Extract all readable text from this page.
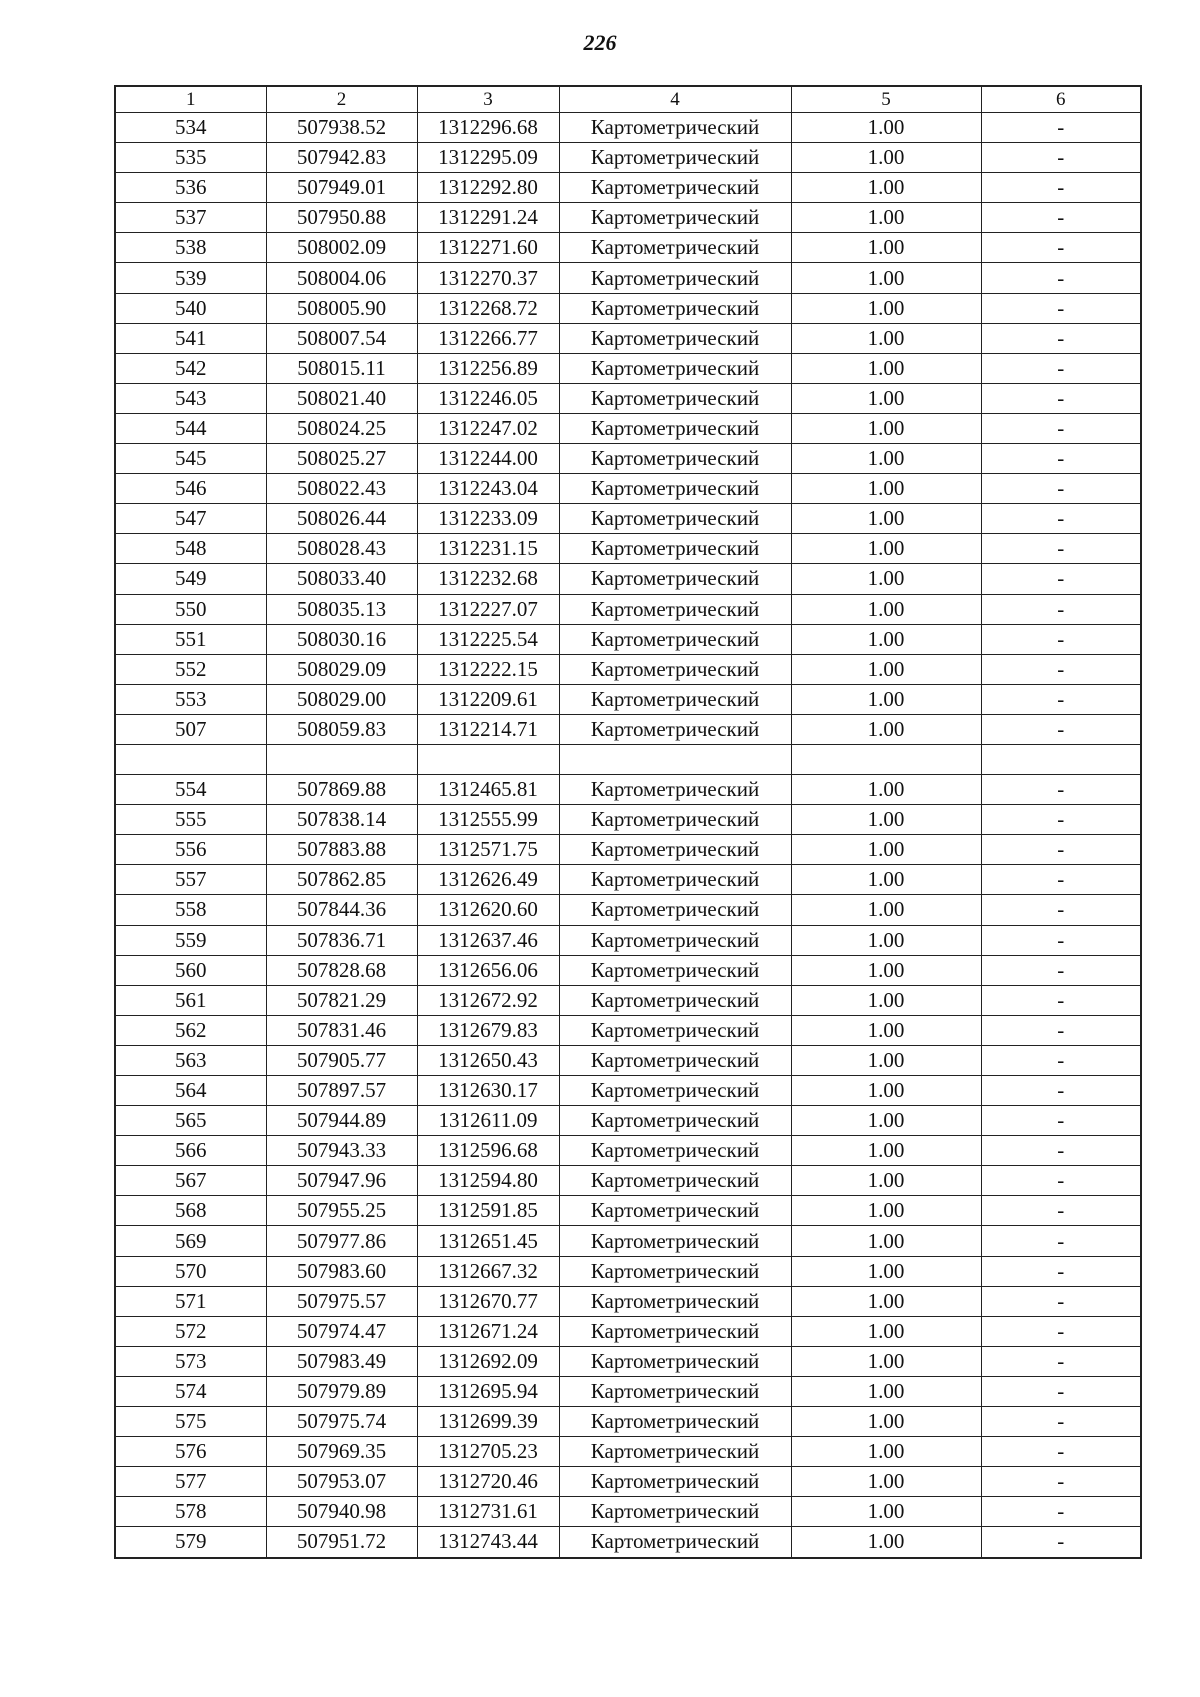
226
1	2	3	4	5	6
534	507938.52	1312296.68	Картометрический	1.00	-
535	507942.83	1312295.09	Картометрический	1.00	-
536	507949.01	1312292.80	Картометрический	1.00	-
537	507950.88	1312291.24	Картометрический	1.00	-
538	508002.09	1312271.60	Картометрический	1.00	-
539	508004.06	1312270.37	Картометрический	1.00	-
540	508005.90	1312268.72	Картометрический	1.00	-
541	508007.54	1312266.77	Картометрический	1.00	-
542	508015.11	1312256.89	Картометрический	1.00	-
543	508021.40	1312246.05	Картометрический	1.00	-
544	508024.25	1312247.02	Картометрический	1.00	-
545	508025.27	1312244.00	Картометрический	1.00	-
546	508022.43	1312243.04	Картометрический	1.00	-
547	508026.44	1312233.09	Картометрический	1.00	-
548	508028.43	1312231.15	Картометрический	1.00	-
549	508033.40	1312232.68	Картометрический	1.00	-
550	508035.13	1312227.07	Картометрический	1.00	-
551	508030.16	1312225.54	Картометрический	1.00	-
552	508029.09	1312222.15	Картометрический	1.00	-
553	508029.00	1312209.61	Картометрический	1.00	-
507	508059.83	1312214.71	Картометрический	1.00	-

554	507869.88	1312465.81	Картометрический	1.00	-
555	507838.14	1312555.99	Картометрический	1.00	-
556	507883.88	1312571.75	Картометрический	1.00	-
557	507862.85	1312626.49	Картометрический	1.00	-
558	507844.36	1312620.60	Картометрический	1.00	-
559	507836.71	1312637.46	Картометрический	1.00	-
560	507828.68	1312656.06	Картометрический	1.00	-
561	507821.29	1312672.92	Картометрический	1.00	-
562	507831.46	1312679.83	Картометрический	1.00	-
563	507905.77	1312650.43	Картометрический	1.00	-
564	507897.57	1312630.17	Картометрический	1.00	-
565	507944.89	1312611.09	Картометрический	1.00	-
566	507943.33	1312596.68	Картометрический	1.00	-
567	507947.96	1312594.80	Картометрический	1.00	-
568	507955.25	1312591.85	Картометрический	1.00	-
569	507977.86	1312651.45	Картометрический	1.00	-
570	507983.60	1312667.32	Картометрический	1.00	-
571	507975.57	1312670.77	Картометрический	1.00	-
572	507974.47	1312671.24	Картометрический	1.00	-
573	507983.49	1312692.09	Картометрический	1.00	-
574	507979.89	1312695.94	Картометрический	1.00	-
575	507975.74	1312699.39	Картометрический	1.00	-
576	507969.35	1312705.23	Картометрический	1.00	-
577	507953.07	1312720.46	Картометрический	1.00	-
578	507940.98	1312731.61	Картометрический	1.00	-
579	507951.72	1312743.44	Картометрический	1.00	-
